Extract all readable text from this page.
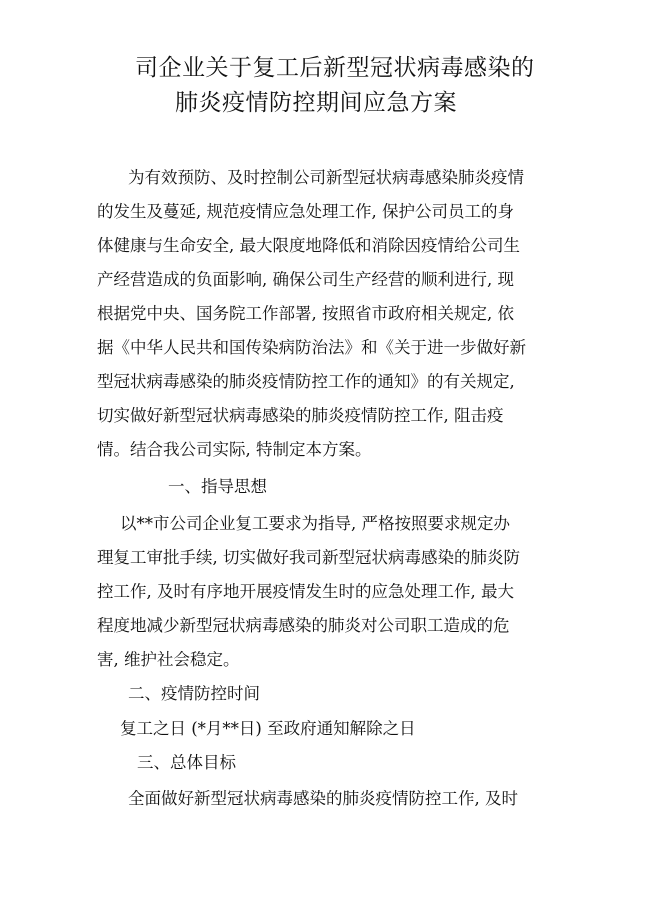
司企业关于复工后新型冠状病毒感染的
肺炎疫情防控期间应急方案
为有效预防、及时控制公司新型冠状病毒感染肺炎疫情
的发生及蔓延, 规范疫情应急处理工作, 保护公司员工的身
体健康与生命安全, 最大限度地降低和消除因疫情给公司生
产经营造成的负面影响, 确保公司生产经营的顺利进行, 现
根据党中央、国务院工作部署, 按照省市政府相关规定, 依
据《中华人民共和国传染病防治法》和《关于进一步做好新
型冠状病毒感染的肺炎疫情防控工作的通知》的有关规定,
切实做好新型冠状病毒感染的肺炎疫情防控工作, 阻击疫
情。结合我公司实际, 特制定本方案。
一、指导思想
以**市公司企业复工要求为指导, 严格按照要求规定办
理复工审批手续, 切实做好我司新型冠状病毒感染的肺炎防
控工作, 及时有序地开展疫情发生时的应急处理工作, 最大
程度地减少新型冠状病毒感染的肺炎对公司职工造成的危
害, 维护社会稳定。
二、疫情防控时间
复工之日 (*月**日) 至政府通知解除之日
三、总体目标
全面做好新型冠状病毒感染的肺炎疫情防控工作, 及时
